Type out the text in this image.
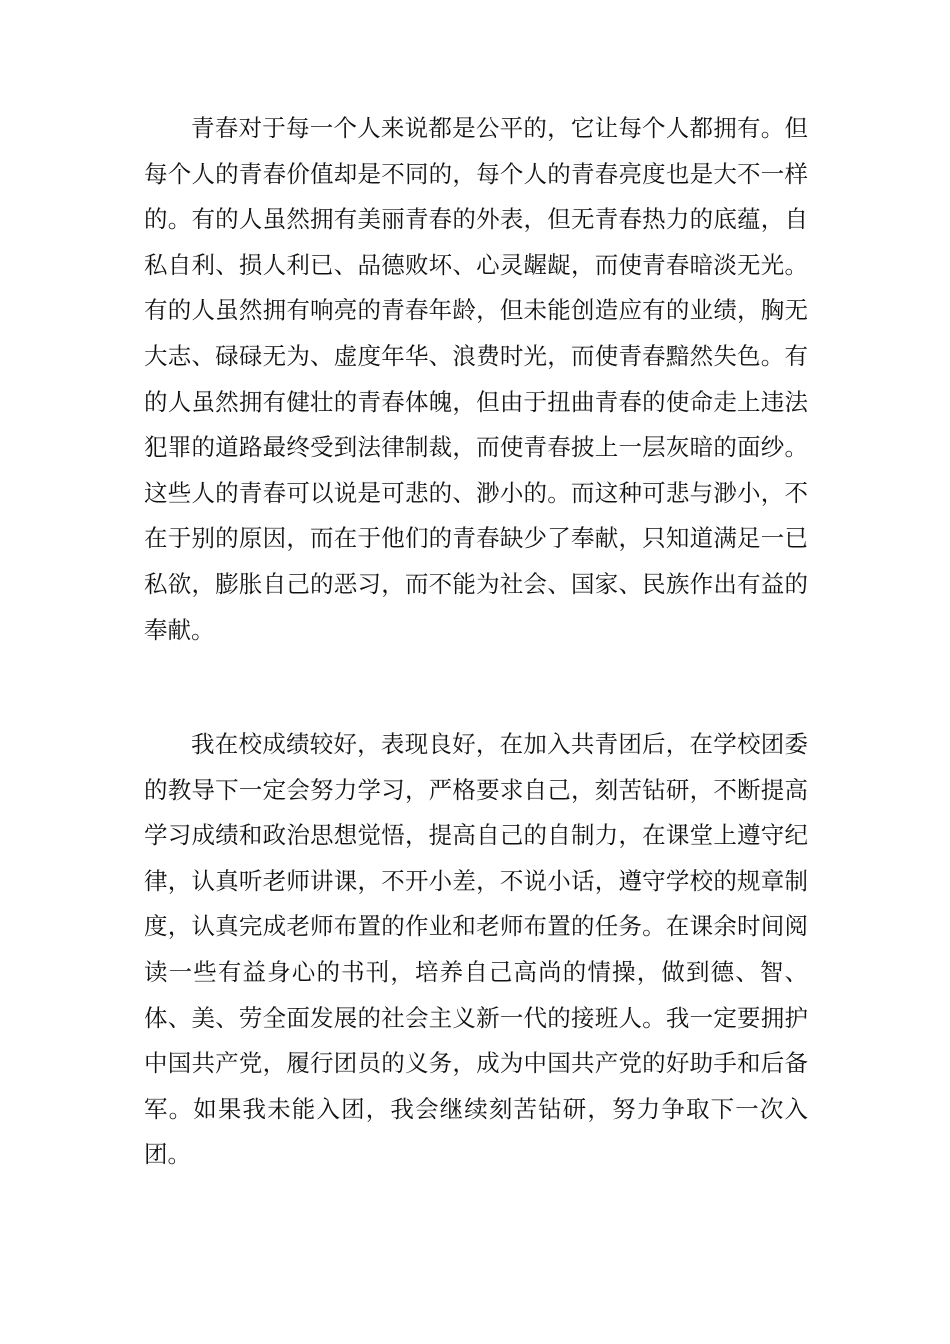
青春对于每一个人来说都是公平的，它让每个人都拥有。但每个人的青春价值却是不同的，每个人的青春亮度也是大不一样的。有的人虽然拥有美丽青春的外表，但无青春热力的底蕴，自私自利、损人利已、品德败坏、心灵龌龊，而使青春暗淡无光。有的人虽然拥有响亮的青春年龄，但未能创造应有的业绩，胸无大志、碌碌无为、虚度年华、浪费时光，而使青春黯然失色。有的人虽然拥有健壮的青春体魄，但由于扭曲青春的使命走上违法犯罪的道路最终受到法律制裁，而使青春披上一层灰暗的面纱。这些人的青春可以说是可悲的、渺小的。而这种可悲与渺小，不在于别的原因，而在于他们的青春缺少了奉献，只知道满足一已私欲，膨胀自己的恶习，而不能为社会、国家、民族作出有益的奉献。

我在校成绩较好，表现良好，在加入共青团后，在学校团委的教导下一定会努力学习，严格要求自己，刻苦钻研，不断提高学习成绩和政治思想觉悟，提高自己的自制力，在课堂上遵守纪律，认真听老师讲课，不开小差，不说小话，遵守学校的规章制度，认真完成老师布置的作业和老师布置的任务。在课余时间阅读一些有益身心的书刊，培养自己高尚的情操，做到德、智、体、美、劳全面发展的社会主义新一代的接班人。我一定要拥护中国共产党，履行团员的义务，成为中国共产党的好助手和后备军。如果我未能入团，我会继续刻苦钻研，努力争取下一次入团。
